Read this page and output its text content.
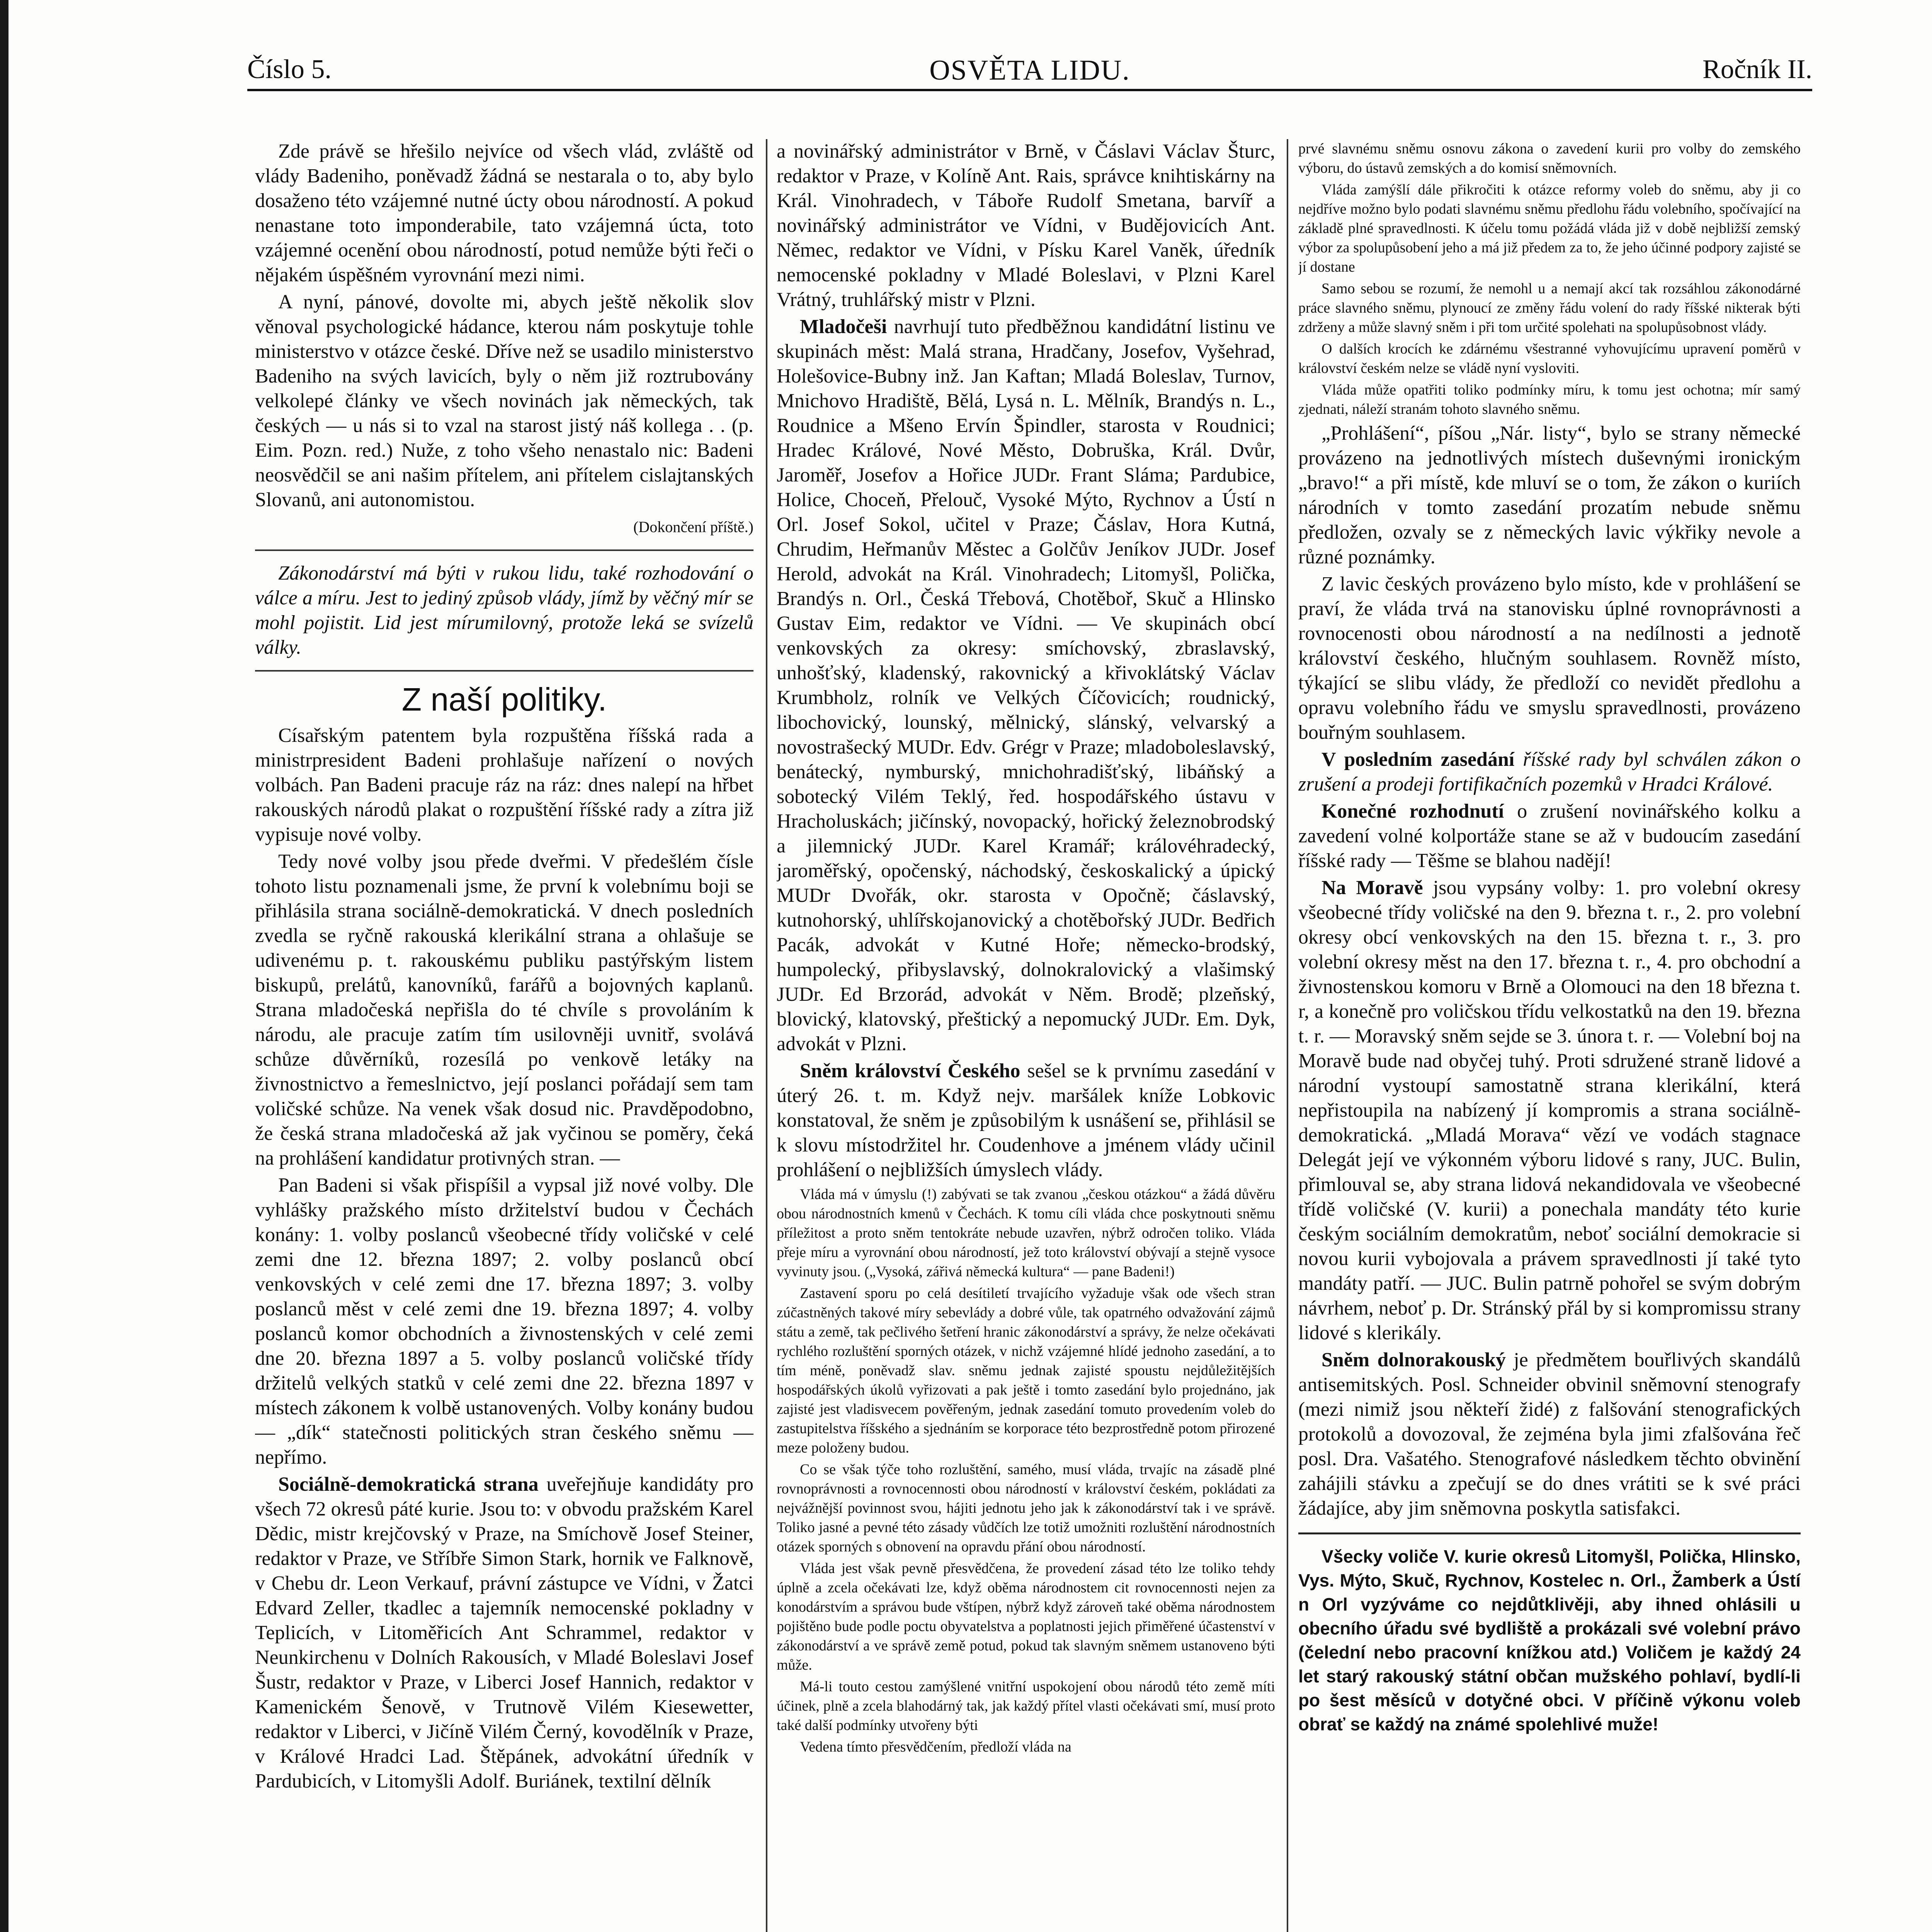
Číslo 5.	OSVĚTA LIDU.	Ročník II.

Zde právě se hřešilo nejvíce od všech vlád, zvláště od vlády Badeniho, poněvadž žádná se nestarala o to, aby bylo dosaženo této vzájemné nutné úcty obou národností. A pokud nenastane toto imponderabile, tato vzájemná úcta, toto vzájemné ocenění obou národností, potud nemůže býti řeči o nějakém úspěšném vyrovnání mezi nimi.

A nyní, pánové, dovolte mi, abych ještě několik slov věnoval psychologické hádance, kterou nám poskytuje tohle ministerstvo v otázce české. Dříve než se usadilo ministerstvo Badeniho na svých lavicích, byly o něm již roztrubovány velkolepé články ve všech novinách jak německých, tak českých — u nás si to vzal na starost jistý náš kollega . . (p. Eim. Pozn. red.) Nuže, z toho všeho nenastalo nic: Badeni neosvědčil se ani našim přítelem, ani přítelem cislajtanských Slovanů, ani autonomistou.

(Dokončení příště.)

Zákonodárství má býti v rukou lidu, také rozhodování o válce a míru. Jest to jediný způsob vlády, jímž by věčný mír se mohl pojistit. Lid jest mírumilovný, protože leká se svízelů války.

Z naší politiky.

Císařským patentem byla rozpuštěna říšská rada a ministrpresident Badeni prohlašuje nařízení o nových volbách. Pan Badeni pracuje ráz na ráz: dnes nalepí na hřbet rakouských národů plakat o rozpuštění říšské rady a zítra již vypisuje nové volby.

Tedy nové volby jsou přede dveřmi. V předešlém čísle tohoto listu poznamenali jsme, že první k volebnímu boji se přihlásila strana sociálně-demokratická. V dnech posledních zvedla se ryčně rakouská klerikální strana a ohlašuje se udivenému p. t. rakouskému publiku pastýřským listem biskupů, prelátů, kanovníků, farářů a bojovných kaplanů. Strana mladočeská nepřišla do té chvíle s provoláním k národu, ale pracuje zatím tím usilovněji uvnitř, svolává schůze důvěrníků, rozesílá po venkově letáky na živnostnictvo a řemeslnictvo, její poslanci pořádají sem tam voličské schůze. Na venek však dosud nic. Pravděpodobno, že česká strana mladočeská až jak vyčinou se poměry, čeká na prohlášení kandidatur protivných stran. —

Pan Badeni si však přispíšil a vypsal již nové volby. Dle vyhlášky pražského místo držitelství budou v Čechách konány: 1. volby poslanců všeobecné třídy voličské v celé zemi dne 12. března 1897; 2. volby poslanců obcí venkovských v celé zemi dne 17. března 1897; 3. volby poslanců měst v celé zemi dne 19. března 1897; 4. volby poslanců komor obchodních a živnostenských v celé zemi dne 20. března 1897 a 5. volby poslanců voličské třídy držitelů velkých statků v celé zemi dne 22. března 1897 v místech zákonem k volbě ustanovených. Volby konány budou — „dík“ statečnosti politických stran českého sněmu — nepřímo.

Sociálně-demokratická strana uveřejňuje kandidáty pro všech 72 okresů páté kurie. Jsou to: v obvodu pražském Karel Dědic, mistr krejčovský v Praze, na Smíchově Josef Steiner, redaktor v Praze, ve Stříbře Simon Stark, hornik ve Falknově, v Chebu dr. Leon Verkauf, právní zástupce ve Vídni, v Žatci Edvard Zeller, tkadlec a tajemník nemocenské pokladny v Teplicích, v Litoměřicích Ant Schrammel, redaktor v Neunkirchenu v Dolních Rakousích, v Mladé Boleslavi Josef Šustr, redaktor v Praze, v Liberci Josef Hannich, redaktor v Kamenickém Šenově, v Trutnově Vilém Kiesewetter, redaktor v Liberci, v Jičíně Vilém Černý, kovodělník v Praze, v Králové Hradci Lad. Štěpánek, advokátní úředník v Pardubicích, v Litomyšli Adolf. Buriánek, textilní dělník

a novinářský administrátor v Brně, v Čáslavi Václav Šturc, redaktor v Praze, v Kolíně Ant. Rais, správce knihtiskárny na Král. Vinohradech, v Táboře Rudolf Smetana, barvíř a novinářský administrátor ve Vídni, v Budějovicích Ant. Němec, redaktor ve Vídni, v Písku Karel Vaněk, úředník nemocenské pokladny v Mladé Boleslavi, v Plzni Karel Vrátný, truhlářský mistr v Plzni.

Mladočeši navrhují tuto předběžnou kandidátní listinu ve skupinách měst: Malá strana, Hradčany, Josefov, Vyšehrad, Holešovice-Bubny inž. Jan Kaftan; Mladá Boleslav, Turnov, Mnichovo Hradiště, Bělá, Lysá n. L. Mělník, Brandýs n. L., Roudnice a Mšeno Ervín Špindler, starosta v Roudnici; Hradec Králové, Nové Město, Dobruška, Král. Dvůr, Jaroměř, Josefov a Hořice JUDr. Frant Sláma; Pardubice, Holice, Choceň, Přelouč, Vysoké Mýto, Rychnov a Ústí n Orl. Josef Sokol, učitel v Praze; Čáslav, Hora Kutná, Chrudim, Heřmanův Městec a Golčův Jeníkov JUDr. Josef Herold, advokát na Král. Vinohradech; Litomyšl, Polička, Brandýs n. Orl., Česká Třebová, Chotěboř, Skuč a Hlinsko Gustav Eim, redaktor ve Vídni. — Ve skupinách obcí venkovských za okresy: smíchovský, zbraslavský, unhošťský, kladenský, rakovnický a křivoklátský Václav Krumbholz, rolník ve Velkých Číčovicích; roudnický, libochovický, lounský, mělnický, slánský, velvarský a novostrašecký MUDr. Edv. Grégr v Praze; mladoboleslavský, benátecký, nymburský, mnichohradišťský, libáňský a sobotecký Vilém Teklý, řed. hospodářského ústavu v Hracholuskách; jičínský, novopacký, hořický železnobrodský a jilemnický JUDr. Karel Kramář; královéhradecký, jaroměřský, opočenský, náchodský, českoskalický a úpický MUDr Dvořák, okr. starosta v Opočně; čáslavský, kutnohorský, uhlířskojanovický a chotěbořský JUDr. Bedřich Pacák, advokát v Kutné Hoře; německo-brodský, humpolecký, přibyslavský, dolnokralovický a vlašimský JUDr. Ed Brzorád, advokát v Něm. Brodě; plzeňský, blovický, klatovský, přeštický a nepomucký JUDr. Em. Dyk, advokát v Plzni.

Sněm království Českého sešel se k prvnímu zasedání v úterý 26. t. m. Když nejv. maršálek kníže Lobkovic konstatoval, že sněm je způsobilým k usnášení se, přihlásil se k slovu místodržitel hr. Coudenhove a jménem vlády učinil prohlášení o nejbližších úmyslech vlády.

Vláda má v úmyslu (!) zabývati se tak zvanou „českou otázkou“ a žádá důvěru obou národnostních kmenů v Čechách. K tomu cíli vláda chce poskytnouti sněmu příležitost a proto sněm tentokráte nebude uzavřen, nýbrž odročen toliko. Vláda přeje míru a vyrovnání obou národností, jež toto království obývají a stejně vysoce vyvinuty jsou. („Vysoká, zářivá německá kultura“ — pane Badeni!)

Zastavení sporu po celá desítiletí trvajícího vyžaduje však ode všech stran zúčastněných takové míry sebevlády a dobré vůle, tak opatrného odvažování zájmů státu a země, tak pečlivého šetření hranic zákonodárství a správy, že nelze očekávati rychlého rozluštění sporných otázek, v nichž vzájemné hlídé jednoho zasedání, a to tím méně, poněvadž slav. sněmu jednak zajisté spoustu nejdůležitějších hospodářských úkolů vyřizovati a pak ještě i tomto zasedání bylo projednáno, jak zajisté jest vladisvecem pověřeným, jednak zasedání tomuto provedením voleb do zastupitelstva říšského a sjednáním se korporace této bezprostředně potom přirozené meze položeny budou.

Co se však týče toho rozluštění, samého, musí vláda, trvajíc na zásadě plné rovnoprávnosti a rovnocennosti obou národností v království českém, pokládati za nejvážnější povinnost svou, hájiti jednotu jeho jak k zákonodárství tak i ve správě. Toliko jasné a pevné této zásady vůdčích lze totiž umožniti rozluštění národnostních otázek sporných s obnovení na opravdu přání obou národností.

Vláda jest však pevně přesvědčena, že provedení zásad této lze toliko tehdy úplně a zcela očekávati lze, když oběma národnostem cit rovnocennosti nejen za konodárstvím a správou bude vštípen, nýbrž když zároveň také oběma národnostem pojištěno bude podle poctu obyvatelstva a poplatnosti jejich přiměřené účastenství v zákonodárství a ve správě země potud, pokud tak slavným sněmem ustanoveno býti může.

Má-li touto cestou zamýšlené vnitřní uspokojení obou národů této země míti účinek, plně a zcela blahodárný tak, jak každý přítel vlasti očekávati smí, musí proto také další podmínky utvořeny býti

Vedena tímto přesvědčením, předloží vláda na

prvé slavnému sněmu osnovu zákona o zavedení kurii pro volby do zemského výboru, do ústavů zemských a do komisí sněmovních.

Vláda zamýšlí dále přikročiti k otázce reformy voleb do sněmu, aby ji co nejdříve možno bylo podati slavnému sněmu předlohu řádu volebního, spočívající na základě plné spravedlnosti. K účelu tomu požádá vláda již v době nejbližší zemský výbor za spolupůsobení jeho a má již předem za to, že jeho účinné podpory zajisté se jí dostane

Samo sebou se rozumí, že nemohl u a nemají akcí tak rozsáhlou zákonodárné práce slavného sněmu, plynoucí ze změny řádu volení do rady říšské nikterak býti zdrženy a může slavný sněm i při tom určité spolehati na spolupůsobnost vlády.

O dalších krocích ke zdárnému všestranné vyhovujícímu upravení poměrů v království českém nelze se vládě nyní vysloviti.

Vláda může opatřiti toliko podmínky míru, k tomu jest ochotna; mír samý zjednati, náleží stranám tohoto slavného sněmu.

„Prohlášení“, píšou „Nár. listy“, bylo se strany německé provázeno na jednotlivých místech duševnými ironickým „bravo!“ a při místě, kde mluví se o tom, že zákon o kuriích národních v tomto zasedání prozatím nebude sněmu předložen, ozvaly se z německých lavic výkřiky nevole a různé poznámky.

Z lavic českých provázeno bylo místo, kde v prohlášení se praví, že vláda trvá na stanovisku úplné rovnoprávnosti a rovnocenosti obou národností a na nedílnosti a jednotě království českého, hlučným souhlasem. Rovněž místo, týkající se slibu vlády, že předloží co nevidět předlohu a opravu volebního řádu ve smyslu spravedlnosti, provázeno bouřným souhlasem.

V posledním zasedání říšské rady byl schválen zákon o zrušení a prodeji fortifikačních pozemků v Hradci Králové.

Konečné rozhodnutí o zrušení novinářského kolku a zavedení volné kolportáže stane se až v budoucím zasedání říšské rady — Těšme se blahou nadějí!

Na Moravě jsou vypsány volby: 1. pro volební okresy všeobecné třídy voličské na den 9. března t. r., 2. pro volební okresy obcí venkovských na den 15. března t. r., 3. pro volební okresy měst na den 17. března t. r., 4. pro obchodní a živnostenskou komoru v Brně a Olomouci na den 18 března t. r, a konečně pro voličskou třídu velkostatků na den 19. března t. r. — Moravský sněm sejde se 3. února t. r. — Volební boj na Moravě bude nad obyčej tuhý. Proti sdružené straně lidové a národní vystoupí samostatně strana klerikální, která nepřistoupila na nabízený jí kompromis a strana sociálně-demokratická. „Mladá Morava“ vězí ve vodách stagnace Delegát její ve výkonném výboru lidové s rany, JUC. Bulin, přimlouval se, aby strana lidová nekandidovala ve všeobecné třídě voličské (V. kurii) a ponechala mandáty této kurie českým sociálním demokratům, neboť sociální demokracie si novou kurii vybojovala a právem spravedlnosti jí také tyto mandáty patří. — JUC. Bulin patrně pohořel se svým dobrým návrhem, neboť p. Dr. Stránský přál by si kompromissu strany lidové s klerikály.

Sněm dolnorakouský je předmětem bouřlivých skandálů antisemitských. Posl. Schneider obvinil sněmovní stenografy (mezi nimiž jsou někteří židé) z falšování stenografických protokolů a dovozoval, že zejména byla jimi zfalšována řeč posl. Dra. Vašatého. Stenografové následkem těchto obvinění zahájili stávku a zpečují se do dnes vrátiti se k své práci žádajíce, aby jim sněmovna poskytla satisfakci.

Všecky voliče V. kurie okresů Litomyšl, Polička, Hlinsko, Vys. Mýto, Skuč, Rychnov, Kostelec n. Orl., Žamberk a Ústí n Orl vyzýváme co nejdůtklivěji, aby ihned ohlásili u obecního úřadu své bydliště a prokázali své volební právo (čelední nebo pracovní knížkou atd.) Voličem je každý 24 let starý rakouský státní občan mužského pohlaví, bydlí-li po šest měsíců v dotyčné obci. V příčině výkonu voleb obrať se každý na známé spolehlivé muže!
